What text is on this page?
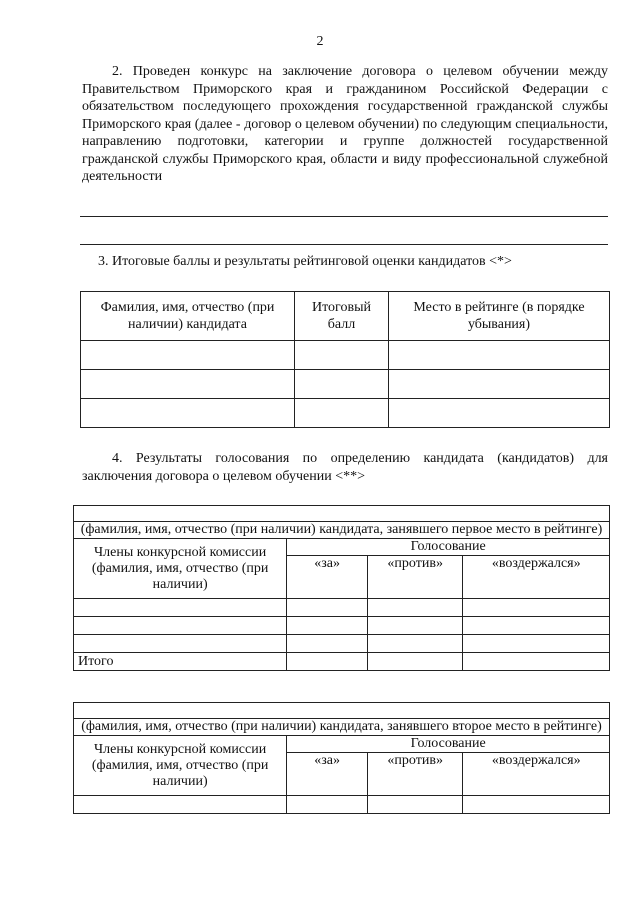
2

2. Проведен конкурс на заключение договора о целевом обучении между Правительством Приморского края и гражданином Российской Федерации с обязательством последующего прохождения государственной гражданской службы Приморского края (далее - договор о целевом обучении) по следующим специальности, направлению подготовки, категории и группе должностей государственной гражданской службы Приморского края, области и виду профессиональной служебной деятельности

3. Итоговые баллы и результаты рейтинговой оценки кандидатов <*>
Фамилия, имя, отчество (при наличии) кандидата	Итоговый балл	Место в рейтинге (в порядке убывания)

4. Результаты голосования по определению кандидата (кандидатов) для заключения договора о целевом обучении <**>

(фамилия, имя, отчество (при наличии) кандидата, занявшего первое место в рейтинге)			
Члены конкурсной комиссии (фамилия, имя, отчество (при наличии)	Голосование		
	«за»	«против»	«воздержался»

Итого			

(фамилия, имя, отчество (при наличии) кандидата, занявшего второе место в рейтинге)			
Члены конкурсной комиссии (фамилия, имя, отчество (при наличии)	Голосование		
	«за»	«против»	«воздержался»
